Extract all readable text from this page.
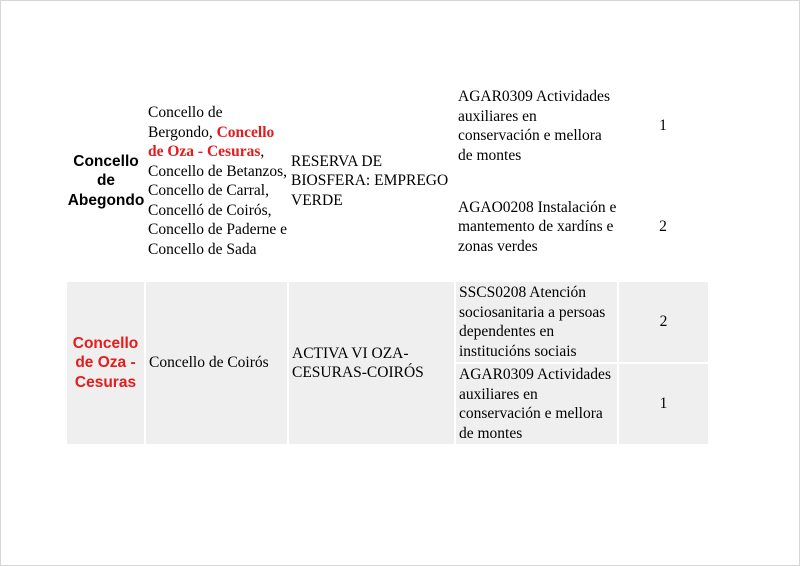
Concello de Abegondo	Concello de Bergondo, Concello de Oza - Cesuras, Concello de Betanzos, Concello de Carral, Concelló de Coirós, Concello de Paderne e Concello de Sada	RESERVA DE BIOSFERA: EMPREGO VERDE	AGAR0309 Actividades auxiliares en conservación e mellora de montes	1
			AGAO0208 Instalación e mantemento de xardíns e zonas verdes	2
Concello de Oza - Cesuras	Concello de Coirós	ACTIVA VI OZA-CESURAS-COIRÓS	SSCS0208 Atención sociosanitaria a persoas dependentes en institucións sociais	2
			AGAR0309 Actividades auxiliares en conservación e mellora de montes	1
